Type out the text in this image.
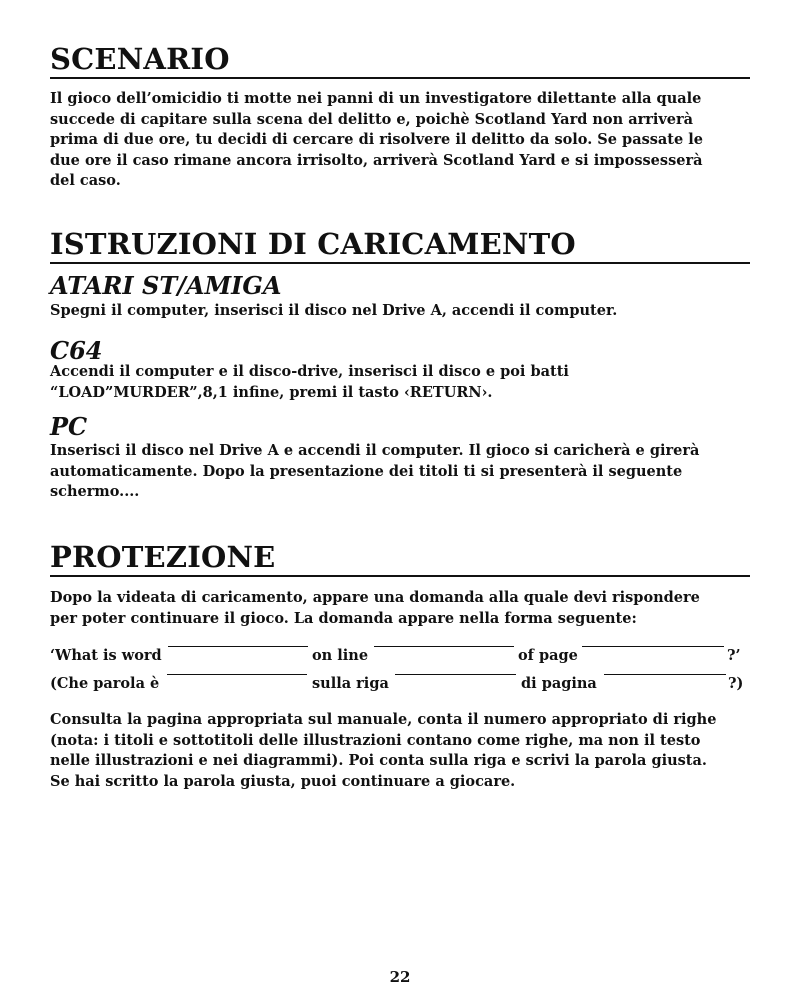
SCENARIO

Il gioco dell’omicidio ti motte nei panni di un investigatore dilettante alla quale
succede di capitare sulla scena del delitto e, poichè Scotland Yard non arriverà
prima di due ore, tu decidi di cercare di risolvere il delitto da solo. Se passate le
due ore il caso rimane ancora irrisolto, arriverà Scotland Yard e si impossesserà
del caso.

ISTRUZIONI DI CARICAMENTO
ATARI ST/AMIGA

Spegni il computer, inserisci il disco nel Drive A, accendi il computer.

C64

Accendi il computer e il disco-drive, inserisci il disco e poi batti
“LOAD”MURDER”,8,1 infine, premi il tasto ‹RETURN›.

PC

Inserisci il disco nel Drive A e accendi il computer. Il gioco si caricherà e girerà
automaticamente. Dopo la presentazione dei titoli ti si presenterà il seguente
schermo....

PROTEZIONE

Dopo la videata di caricamento, appare una domanda alla quale devi rispondere
per poter continuare il gioco. La domanda appare nella forma seguente:

‘What is word	on line	of page	?’
(Che parola è	sulla riga	di pagina	?)

Consulta la pagina appropriata sul manuale, conta il numero appropriato di righe
(nota: i titoli e sottotitoli delle illustrazioni contano come righe, ma non il testo
nelle illustrazioni e nei diagrammi). Poi conta sulla riga e scrivi la parola giusta.
Se hai scritto la parola giusta, puoi continuare a giocare.

22
